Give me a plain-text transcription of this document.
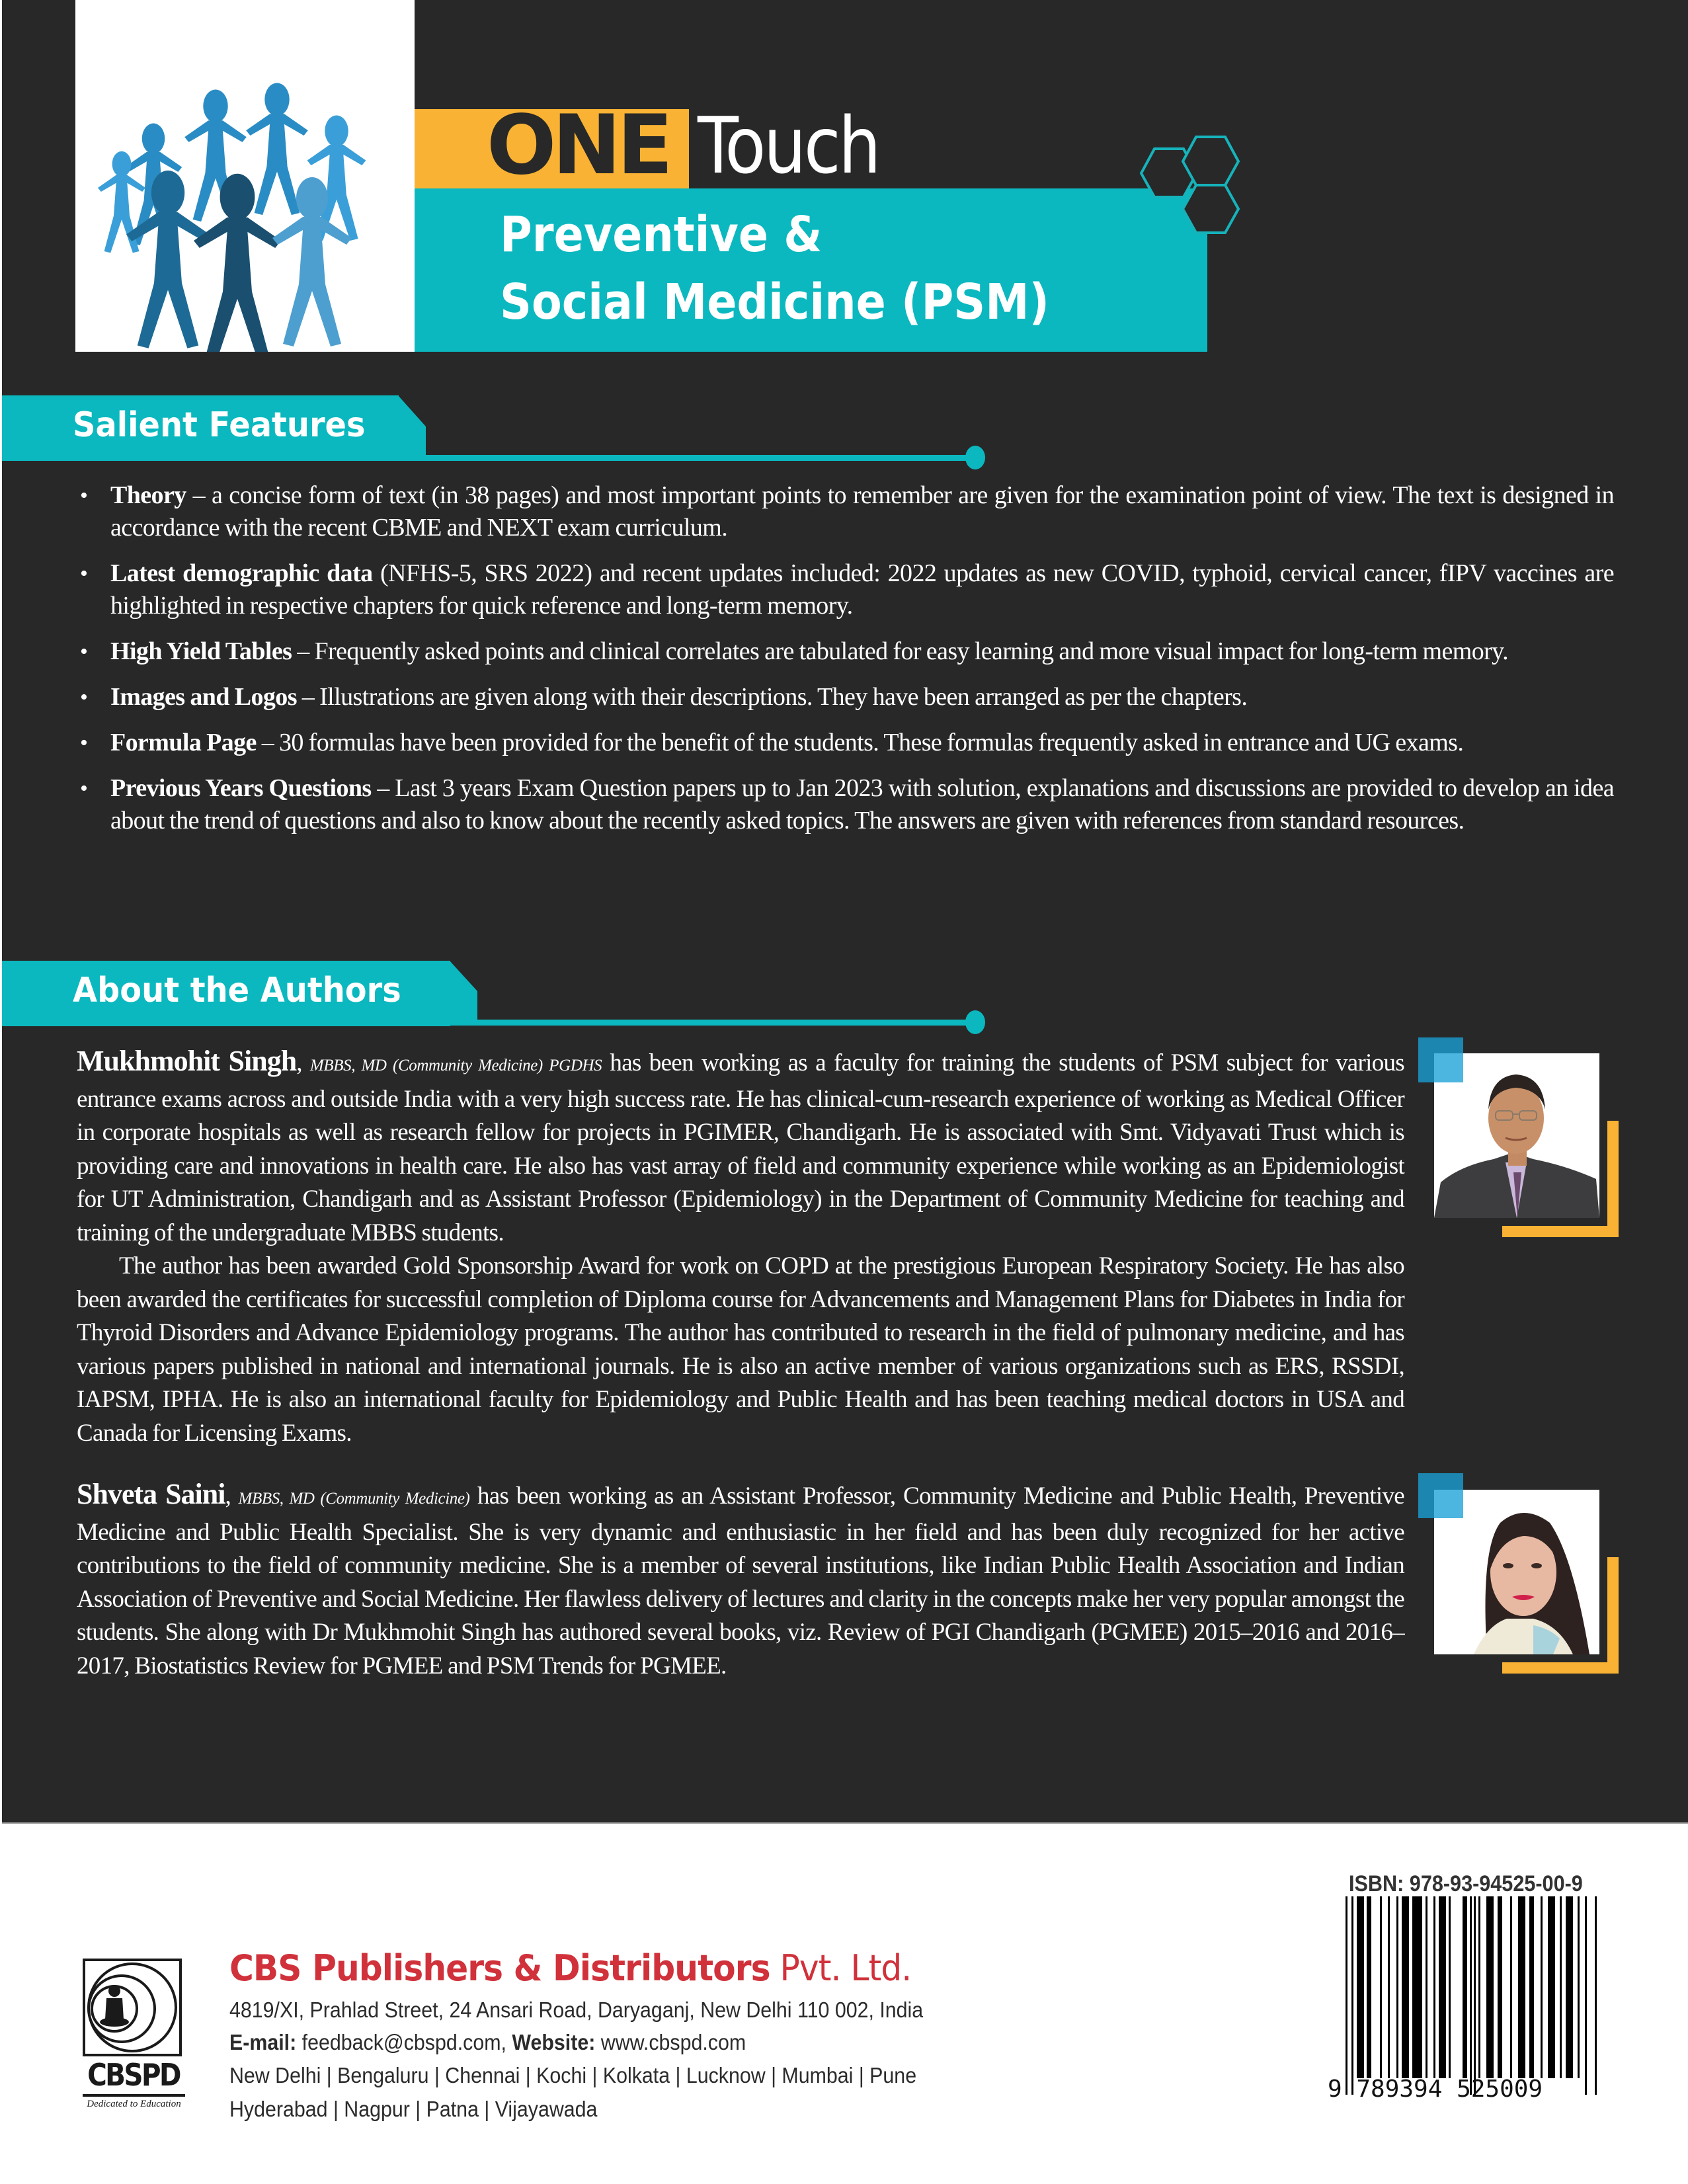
ONE Touch
Preventive &
Social Medicine (PSM)
Salient Features
• Theory – a concise form of text (in 38 pages) and most important points to remember are given for the examination point of view. The text is designed in accordance with the recent CBME and NEXT exam curriculum.
• Latest demographic data (NFHS-5, SRS 2022) and recent updates included: 2022 updates as new COVID, typhoid, cervical cancer, fIPV vaccines are highlighted in respective chapters for quick reference and long-term memory.
• High Yield Tables – Frequently asked points and clinical correlates are tabulated for easy learning and more visual impact for long-term memory.
• Images and Logos – Illustrations are given along with their descriptions. They have been arranged as per the chapters.
• Formula Page – 30 formulas have been provided for the benefit of the students. These formulas frequently asked in entrance and UG exams.
• Previous Years Questions – Last 3 years Exam Question papers up to Jan 2023 with solution, explanations and discussions are provided to develop an idea about the trend of questions and also to know about the recently asked topics. The answers are given with references from standard resources.
About the Authors

Mukhmohit Singh, MBBS, MD (Community Medicine) PGDHS has been working as a faculty for training the students of PSM subject for various entrance exams across and outside India with a very high success rate. He has clinical-cum-research experience of working as Medical Officer in corporate hospitals as well as research fellow for projects in PGIMER, Chandigarh. He is associated with Smt. Vidyavati Trust which is providing care and innovations in health care. He also has vast array of field and community experience while working as an Epidemiologist for UT Administration, Chandigarh and as Assistant Professor (Epidemiology) in the Department of Community Medicine for teaching and training of the undergraduate MBBS students.

The author has been awarded Gold Sponsorship Award for work on COPD at the prestigious European Respiratory Society. He has also been awarded the certificates for successful completion of Diploma course for Advancements and Management Plans for Diabetes in India for Thyroid Disorders and Advance Epidemiology programs. The author has contributed to research in the field of pulmonary medicine, and has various papers published in national and international journals. He is also an active member of various organizations such as ERS, RSSDI, IAPSM, IPHA. He is also an international faculty for Epidemiology and Public Health and has been teaching medical doctors in USA and Canada for Licensing Exams.

Shveta Saini, MBBS, MD (Community Medicine) has been working as an Assistant Professor, Community Medicine and Public Health, Preventive Medicine and Public Health Specialist. She is very dynamic and enthusiastic in her field and has been duly recognized for her active contributions to the field of community medicine. She is a member of several institutions, like Indian Public Health Association and Indian Association of Preventive and Social Medicine. Her flawless delivery of lectures and clarity in the concepts make her very popular amongst the students. She along with Dr Mukhmohit Singh has authored several books, viz. Review of PGI Chandigarh (PGMEE) 2015–2016 and 2016–2017, Biostatistics Review for PGMEE and PSM Trends for PGMEE.

CBSPD
Dedicated to Education
CBS Publishers & Distributors Pvt. Ltd.
4819/XI, Prahlad Street, 24 Ansari Road, Daryaganj, New Delhi 110 002, India
E-mail: feedback@cbspd.com, Website: www.cbspd.com
New Delhi | Bengaluru | Chennai | Kochi | Kolkata | Lucknow | Mumbai | Pune
Hyderabad | Nagpur | Patna | Vijayawada
ISBN: 978-93-94525-00-9
9 789394 525009
